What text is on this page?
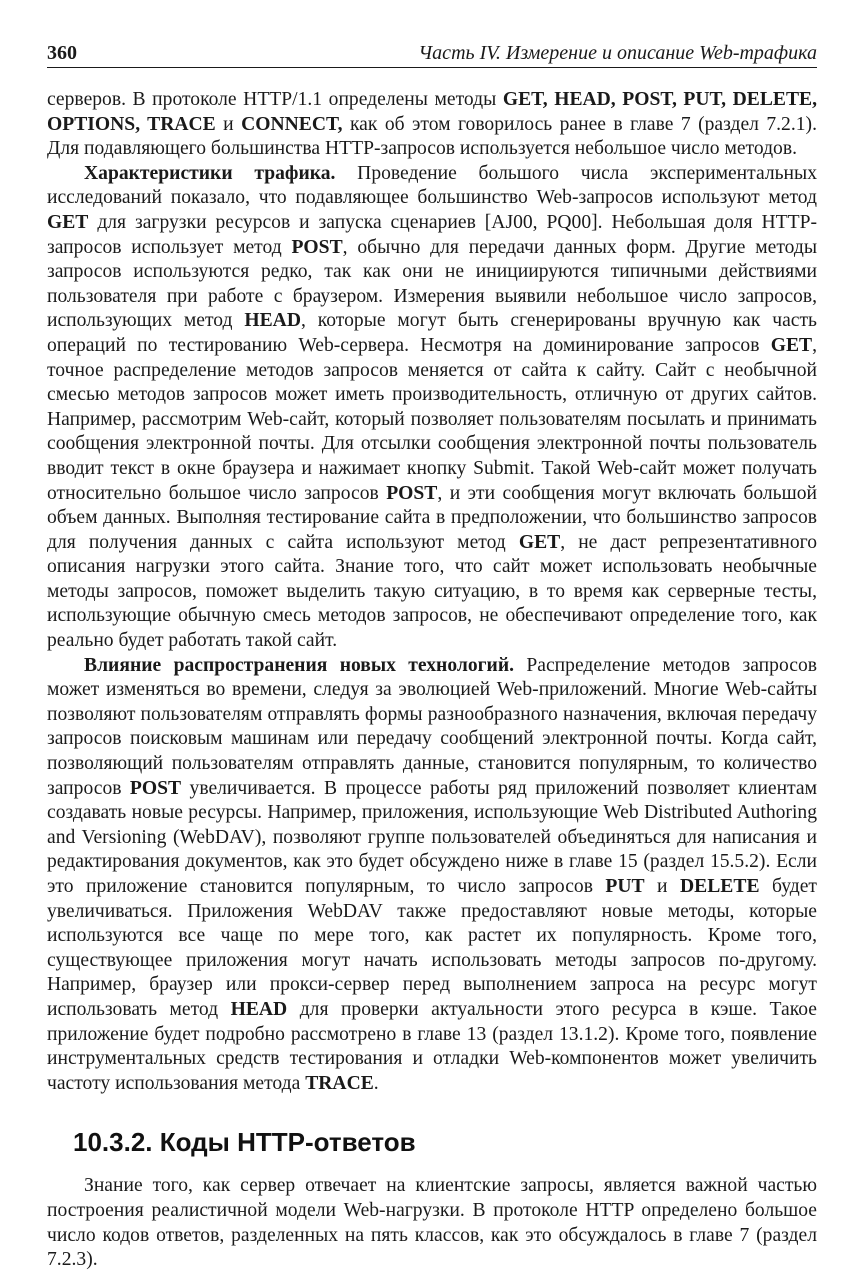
360	Часть IV. Измерение и описание Web-трафика

серверов. В протоколе HTTP/1.1 определены методы GET, HEAD, POST, PUT, DELETE, OPTIONS, TRACE и CONNECT, как об этом говорилось ранее в главе 7 (раздел 7.2.1). Для подавляющего большинства HTTP-запросов используется небольшое число методов.

Характеристики трафика. Проведение большого числа экспериментальных исследований показало, что подавляющее большинство Web-запросов используют метод GET для загрузки ресурсов и запуска сценариев [AJ00, PQ00]. Небольшая доля HTTP-запросов использует метод POST, обычно для передачи данных форм. Другие методы запросов используются редко, так как они не инициируются типичными действиями пользователя при работе с браузером. Измерения выявили небольшое число запросов, использующих метод HEAD, которые могут быть сгенерированы вручную как часть операций по тестированию Web-сервера. Несмотря на доминирование запросов GET, точное распределение методов запросов меняется от сайта к сайту. Сайт с необычной смесью методов запросов может иметь производительность, отличную от других сайтов. Например, рассмотрим Web-сайт, который позволяет пользователям посылать и принимать сообщения электронной почты. Для отсылки сообщения электронной почты пользователь вводит текст в окне браузера и нажимает кнопку Submit. Такой Web-сайт может получать относительно большое число запросов POST, и эти сообщения могут включать большой объем данных. Выполняя тестирование сайта в предположении, что большинство запросов для получения данных с сайта используют метод GET, не даст репрезентативного описания нагрузки этого сайта. Знание того, что сайт может использовать необычные методы запросов, поможет выделить такую ситуацию, в то время как серверные тесты, использующие обычную смесь методов запросов, не обеспечивают определение того, как реально будет работать такой сайт.

Влияние распространения новых технологий. Распределение методов запросов может изменяться во времени, следуя за эволюцией Web-приложений. Многие Web-сайты позволяют пользователям отправлять формы разнообразного назначения, включая передачу запросов поисковым машинам или передачу сообщений электронной почты. Когда сайт, позволяющий пользователям отправлять данные, становится популярным, то количество запросов POST увеличивается. В процессе работы ряд приложений позволяет клиентам создавать новые ресурсы. Например, приложения, использующие Web Distributed Authoring and Versioning (WebDAV), позволяют группе пользователей объединяться для написания и редактирования документов, как это будет обсуждено ниже в главе 15 (раздел 15.5.2). Если это приложение становится популярным, то число запросов PUT и DELETE будет увеличиваться. Приложения WebDAV также предоставляют новые методы, которые используются все чаще по мере того, как растет их популярность. Кроме того, существующее приложения могут начать использовать методы запросов по-другому. Например, браузер или прокси-сервер перед выполнением запроса на ресурс могут использовать метод HEAD для проверки актуальности этого ресурса в кэше. Такое приложение будет подробно рассмотрено в главе 13 (раздел 13.1.2). Кроме того, появление инструментальных средств тестирования и отладки Web-компонентов может увеличить частоту использования метода TRACE.

10.3.2. Коды HTTP-ответов

Знание того, как сервер отвечает на клиентские запросы, является важной частью построения реалистичной модели Web-нагрузки. В протоколе HTTP определено большое число кодов ответов, разделенных на пять классов, как это обсуждалось в главе 7 (раздел 7.2.3).
